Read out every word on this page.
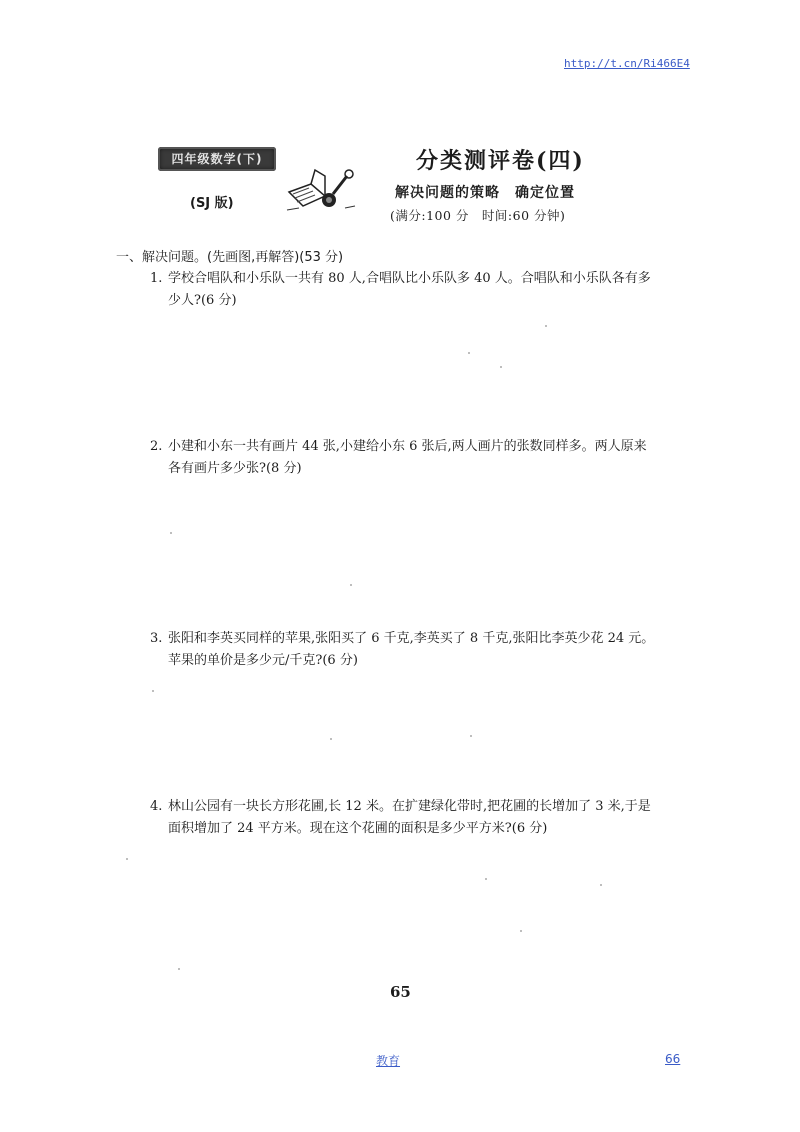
http://t.cn/Ri466E4
四年级数学(下)
(SJ 版)
分类测评卷(四)
解决问题的策略　确定位置
(满分:100 分　时间:60 分钟)
一、解决问题。(先画图,再解答)(53 分)
1. 学校合唱队和小乐队一共有 80 人,合唱队比小乐队多 40 人。合唱队和小乐队各有多
少人?(6 分)
2. 小建和小东一共有画片 44 张,小建给小东 6 张后,两人画片的张数同样多。两人原来
各有画片多少张?(8 分)
3. 张阳和李英买同样的苹果,张阳买了 6 千克,李英买了 8 千克,张阳比李英少花 24 元。
苹果的单价是多少元/千克?(6 分)
4. 林山公园有一块长方形花圃,长 12 米。在扩建绿化带时,把花圃的长增加了 3 米,于是
面积增加了 24 平方米。现在这个花圃的面积是多少平方米?(6 分)
65
教育	66
